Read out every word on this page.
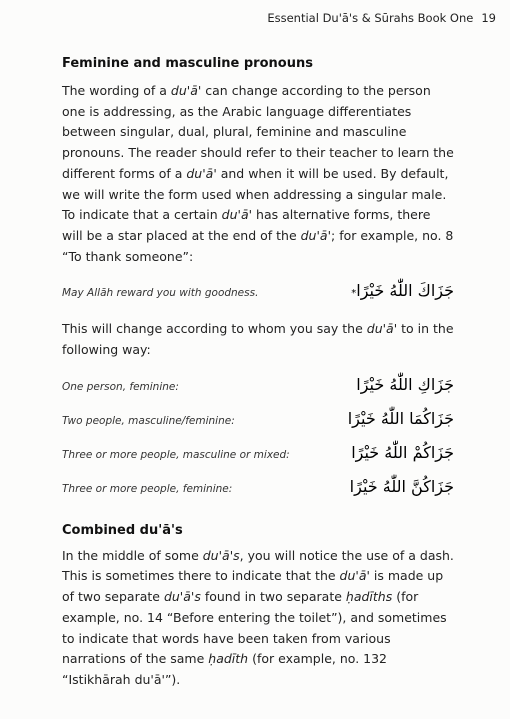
Essential Du'ā's & Sūrahs Book One 19
Feminine and masculine pronouns

The wording of a du'ā' can change according to the person one is addressing, as the Arabic language differentiates between singular, dual, plural, feminine and masculine pronouns. The reader should refer to their teacher to learn the different forms of a du'ā' and when it will be used. By default, we will write the form used when addressing a singular male. To indicate that a certain du'ā' has alternative forms, there will be a star placed at the end of the du'ā'; for example, no. 8 “To thank someone”:

May Allāh reward you with goodness.	جَزَاكَ اللّٰهُ خَيْرًا*

This will change according to whom you say the du'ā' to in the following way:

One person, feminine:	جَزَاكِ اللّٰهُ خَيْرًا
Two people, masculine/feminine:	جَزَاكُمَا اللّٰهُ خَيْرًا
Three or more people, masculine or mixed:	جَزَاكُمْ اللّٰهُ خَيْرًا
Three or more people, feminine:	جَزَاكُنَّ اللّٰهُ خَيْرًا
Combined du'ā's

In the middle of some du'ā's, you will notice the use of a dash. This is sometimes there to indicate that the du'ā' is made up of two separate du'ā's found in two separate ḥadīths (for example, no. 14 “Before entering the toilet”), and sometimes to indicate that words have been taken from various narrations of the same ḥadīth (for example, no. 132 “Istikhārah du'ā'”).
